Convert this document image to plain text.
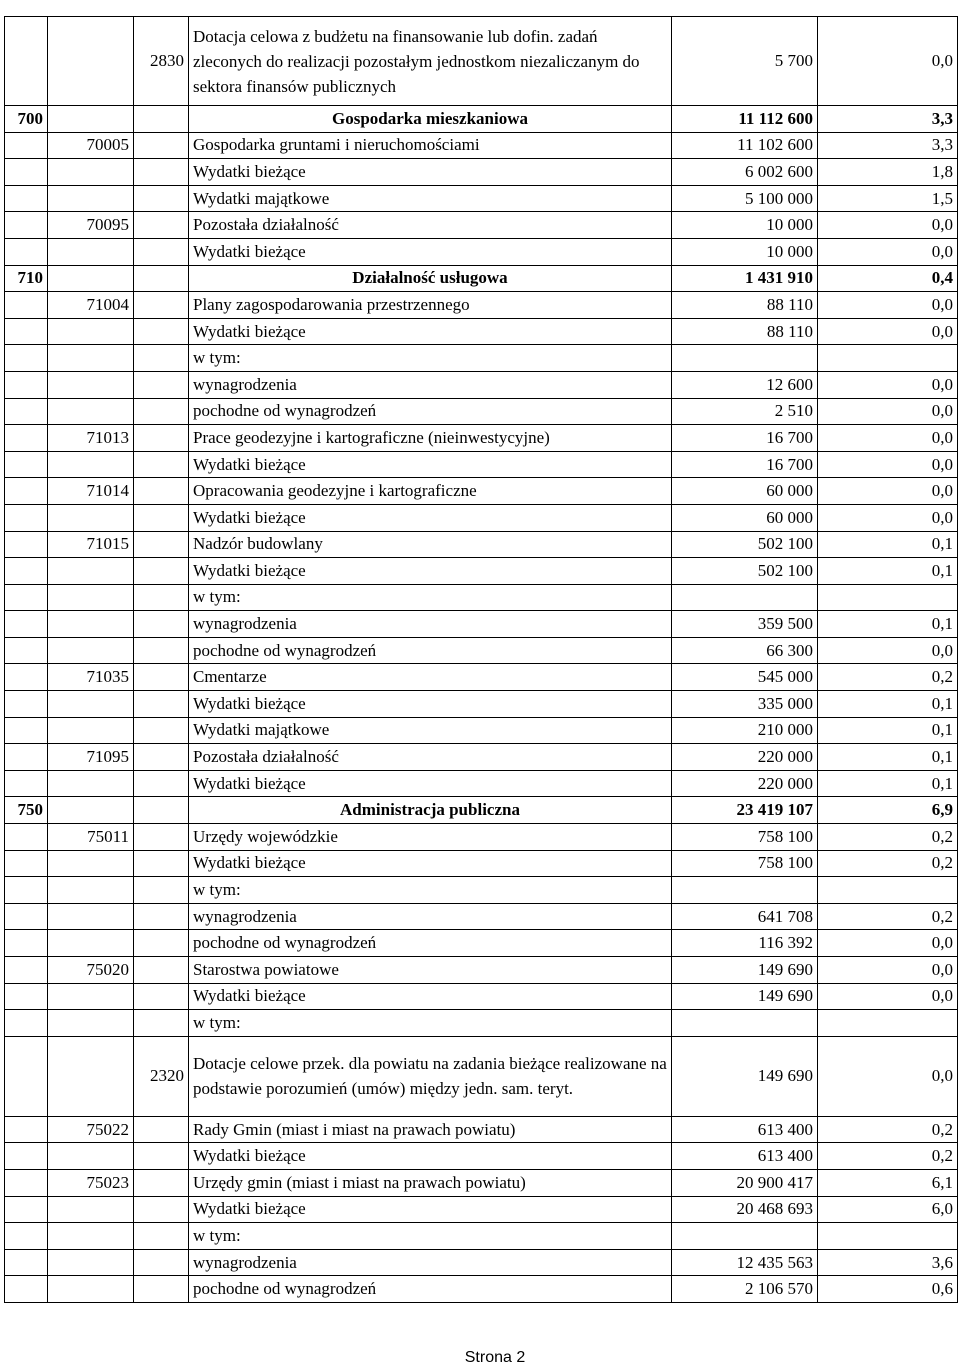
		2830	Dotacja celowa z budżetu na finansowanie lub dofin. zadań zleconych do realizacji pozostałym jednostkom niezaliczanym do sektora finansów publicznych	5 700	0,0
700			Gospodarka mieszkaniowa	11 112 600	3,3
	70005		Gospodarka gruntami i nieruchomościami	11 102 600	3,3
			Wydatki bieżące	6 002 600	1,8
			Wydatki majątkowe	5 100 000	1,5
	70095		Pozostała działalność	10 000	0,0
			Wydatki bieżące	10 000	0,0
710			Działalność usługowa	1 431 910	0,4
	71004		Plany zagospodarowania przestrzennego	88 110	0,0
			Wydatki bieżące	88 110	0,0
			w tym:		
			wynagrodzenia	12 600	0,0
			pochodne od wynagrodzeń	2 510	0,0
	71013		Prace geodezyjne i kartograficzne (nieinwestycyjne)	16 700	0,0
			Wydatki bieżące	16 700	0,0
	71014		Opracowania geodezyjne i kartograficzne	60 000	0,0
			Wydatki bieżące	60 000	0,0
	71015		Nadzór budowlany	502 100	0,1
			Wydatki bieżące	502 100	0,1
			w tym:		
			wynagrodzenia	359 500	0,1
			pochodne od wynagrodzeń	66 300	0,0
	71035		Cmentarze	545 000	0,2
			Wydatki bieżące	335 000	0,1
			Wydatki majątkowe	210 000	0,1
	71095		Pozostała działalność	220 000	0,1
			Wydatki bieżące	220 000	0,1
750			Administracja publiczna	23 419 107	6,9
	75011		Urzędy wojewódzkie	758 100	0,2
			Wydatki bieżące	758 100	0,2
			w tym:		
			wynagrodzenia	641 708	0,2
			pochodne od wynagrodzeń	116 392	0,0
	75020		Starostwa powiatowe	149 690	0,0
			Wydatki bieżące	149 690	0,0
			w tym:		
		2320	Dotacje celowe przek. dla powiatu na zadania bieżące realizowane na podstawie porozumień (umów) między jedn. sam. teryt.	149 690	0,0
	75022		Rady Gmin (miast i miast na prawach powiatu)	613 400	0,2
			Wydatki bieżące	613 400	0,2
	75023		Urzędy gmin (miast i miast na prawach powiatu)	20 900 417	6,1
			Wydatki bieżące	20 468 693	6,0
			w tym:		
			wynagrodzenia	12 435 563	3,6
			pochodne od wynagrodzeń	2 106 570	0,6
Strona 2
